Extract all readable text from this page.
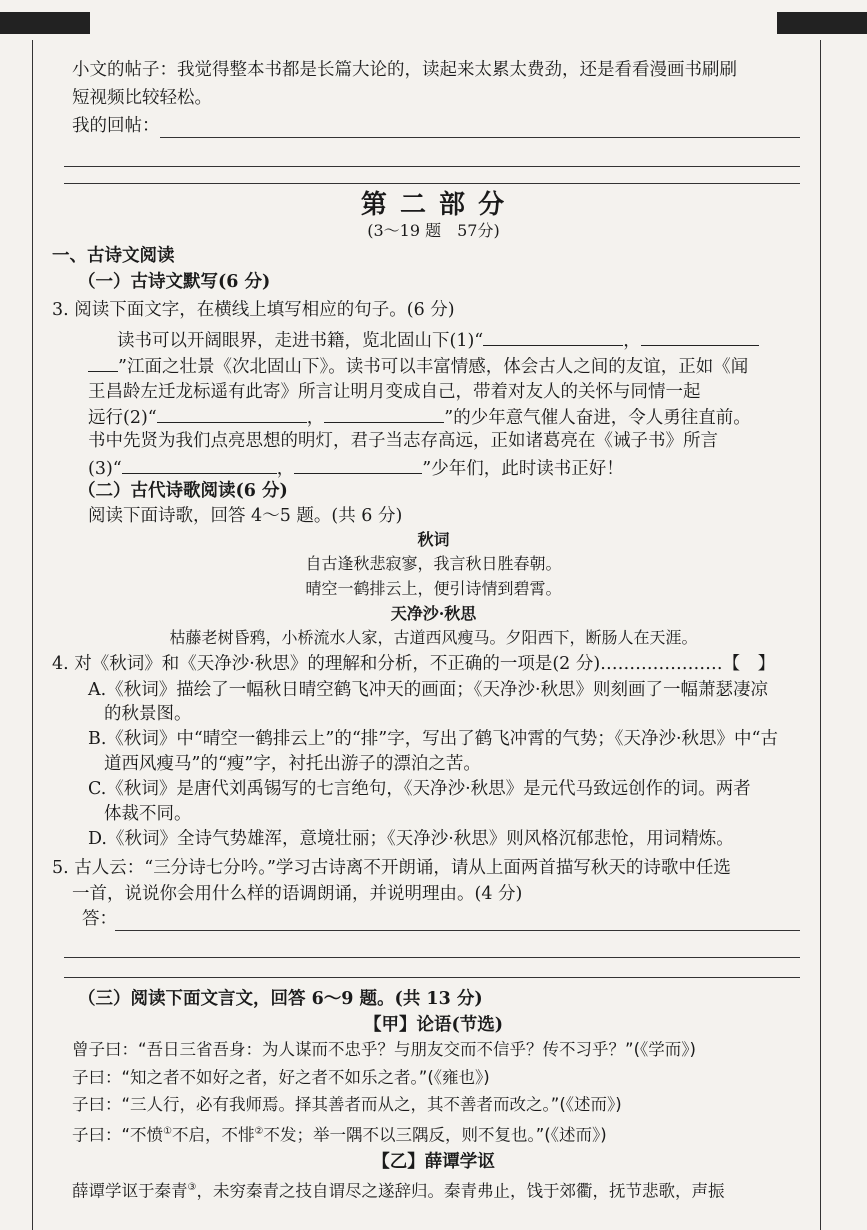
小文的帖子：我觉得整本书都是长篇大论的，读起来太累太费劲，还是看看漫画书刷刷
短视频比较轻松。
我的回帖：
第 二 部 分
(3～19 题　57分)
一、古诗文阅读
（一）古诗文默写(6 分)
3. 阅读下面文字，在横线上填写相应的句子。(6 分)
读书可以开阔眼界，走进书籍，览北固山下(1)“	，
”江面之壮景《次北固山下》。读书可以丰富情感，体会古人之间的友谊，正如《闻
王昌龄左迁龙标遥有此寄》所言让明月变成自己，带着对友人的关怀与同情一起
远行(2)“	，	”的少年意气催人奋进，令人勇往直前。
书中先贤为我们点亮思想的明灯，君子当志存高远，正如诸葛亮在《诫子书》所言
(3)“	，	”少年们，此时读书正好！
（二）古代诗歌阅读(6 分)
阅读下面诗歌，回答 4～5 题。(共 6 分)
秋词
自古逢秋悲寂寥，我言秋日胜春朝。
晴空一鹤排云上，便引诗情到碧霄。
天净沙·秋思
枯藤老树昏鸦，小桥流水人家，古道西风瘦马。夕阳西下，断肠人在天涯。
4. 对《秋词》和《天净沙·秋思》的理解和分析，不正确的一项是(2 分)…………………【　】
A.《秋词》描绘了一幅秋日晴空鹤飞冲天的画面；《天净沙·秋思》则刻画了一幅萧瑟凄凉
的秋景图。
B.《秋词》中“晴空一鹤排云上”的“排”字，写出了鹤飞冲霄的气势；《天净沙·秋思》中“古
道西风瘦马”的“瘦”字，衬托出游子的漂泊之苦。
C.《秋词》是唐代刘禹锡写的七言绝句，《天净沙·秋思》是元代马致远创作的词。两者
体裁不同。
D.《秋词》全诗气势雄浑，意境壮丽；《天净沙·秋思》则风格沉郁悲怆，用词精炼。
5. 古人云：“三分诗七分吟。”学习古诗离不开朗诵，请从上面两首描写秋天的诗歌中任选
一首，说说你会用什么样的语调朗诵，并说明理由。(4 分)
答：
（三）阅读下面文言文，回答 6～9 题。(共 13 分)
【甲】论语(节选)
曾子曰：“吾日三省吾身：为人谋而不忠乎？与朋友交而不信乎？传不习乎？”(《学而》)
子曰：“知之者不如好之者，好之者不如乐之者。”(《雍也》)
子曰：“三人行，必有我师焉。择其善者而从之，其不善者而改之。”(《述而》)
子曰：“不愤①不启，不悱②不发；举一隅不以三隅反，则不复也。”(《述而》)
【乙】薛谭学讴
薛谭学讴于秦青③，未穷秦青之技自谓尽之遂辞归。秦青弗止，饯于郊衢，抚节悲歌，声振
